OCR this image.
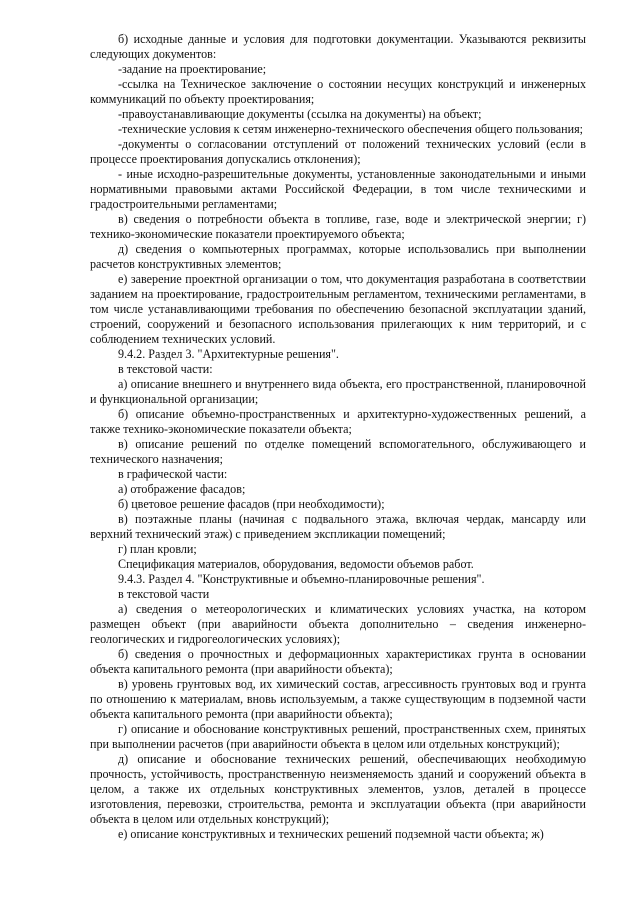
б) исходные данные и условия для подготовки документации. Указываются реквизиты следующих документов:

-задание на проектирование;

-ссылка на Техническое заключение о состоянии несущих конструкций и инженерных коммуникаций по объекту проектирования;

-правоустанавливающие документы (ссылка на документы) на объект;

-технические условия к сетям инженерно-технического обеспечения общего пользования;

-документы о согласовании отступлений от положений технических условий (если в процессе проектирования допускались отклонения);

- иные исходно-разрешительные документы, установленные законодательными и иными нормативными правовыми актами Российской Федерации, в том числе техническими и градостроительными регламентами;

в) сведения о потребности объекта в топливе, газе, воде и электрической энергии; г) технико-экономические показатели проектируемого объекта;

д) сведения о компьютерных программах, которые использовались при выполнении расчетов конструктивных элементов;

е) заверение проектной организации о том, что документация разработана в соответствии заданием на проектирование, градостроительным регламентом, техническими регламентами, в том числе устанавливающими требования по обеспечению безопасной эксплуатации зданий, строений, сооружений и безопасного использования прилегающих к ним территорий, и с соблюдением технических условий.

9.4.2. Раздел 3. "Архитектурные решения".

в текстовой части:

а) описание внешнего и внутреннего вида объекта, его пространственной, планировочной и функциональной организации;

б) описание объемно-пространственных и архитектурно-художественных решений, а также технико-экономические показатели объекта;

в) описание решений по отделке помещений вспомогательного, обслуживающего и технического назначения;

в графической части:

а) отображение фасадов;

б) цветовое решение фасадов (при необходимости);

в) поэтажные планы (начиная с подвального этажа, включая чердак, мансарду или верхний технический этаж) с приведением экспликации помещений;

г) план кровли;

Спецификация материалов, оборудования, ведомости объемов работ.

9.4.3. Раздел 4. "Конструктивные и объемно-планировочные решения".

в текстовой части

а) сведения о метеорологических и климатических условиях участка, на котором размещен объект (при аварийности объекта дополнительно – сведения инженерно-геологических и гидрогеологических условиях);

б) сведения о прочностных и деформационных характеристиках грунта в основании объекта капитального ремонта (при аварийности объекта);

в) уровень грунтовых вод, их химический состав, агрессивность грунтовых вод и грунта по отношению к материалам, вновь используемым, а также существующим в подземной части объекта капитального ремонта (при аварийности объекта);

г) описание и обоснование конструктивных решений, пространственных схем, принятых при выполнении расчетов (при аварийности объекта в целом или отдельных конструкций);

д) описание и обоснование технических решений, обеспечивающих необходимую прочность, устойчивость, пространственную неизменяемость зданий и сооружений объекта в целом, а также их отдельных конструктивных элементов, узлов, деталей в процессе изготовления, перевозки, строительства, ремонта и эксплуатации объекта (при аварийности объекта в целом или отдельных конструкций);

е) описание конструктивных и технических решений подземной части объекта; ж)
